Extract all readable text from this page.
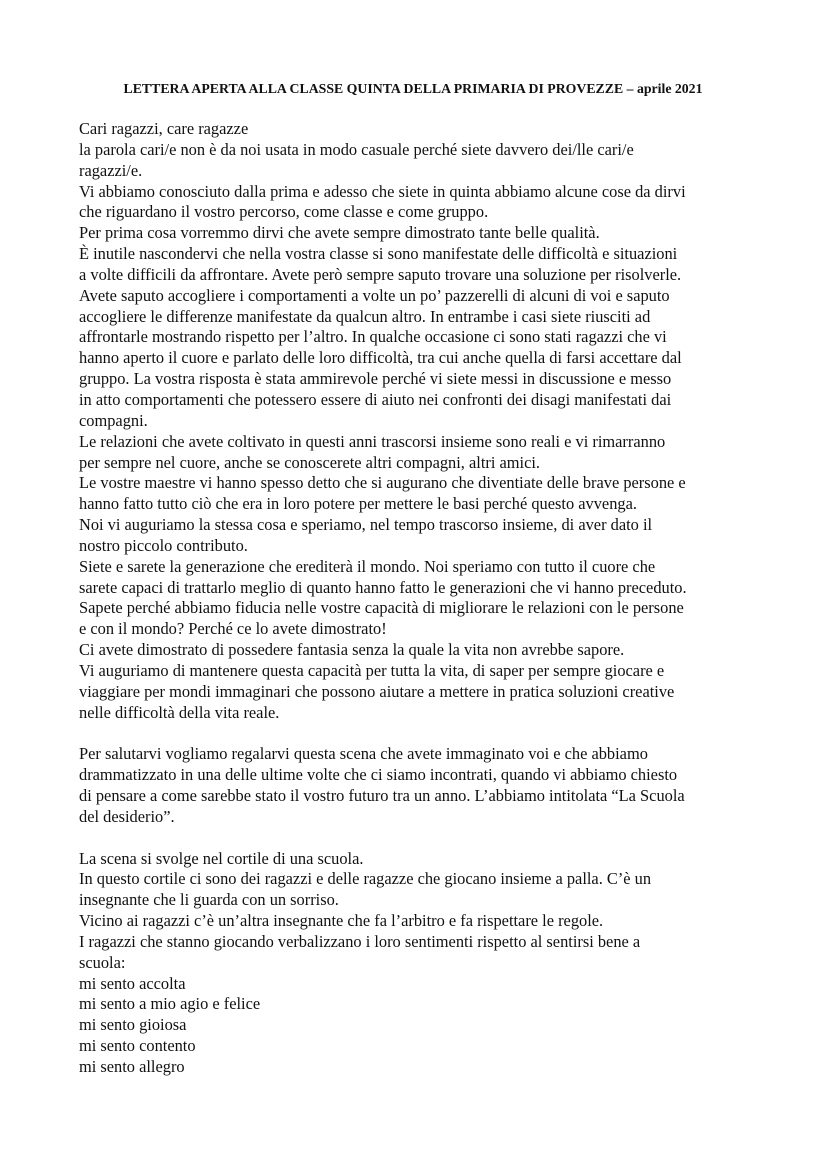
LETTERA APERTA ALLA CLASSE QUINTA DELLA PRIMARIA DI PROVEZZE – aprile 2021
Cari ragazzi, care ragazze
la parola cari/e non è da noi usata in modo casuale perché siete davvero dei/lle cari/e
ragazzi/e.
Vi abbiamo conosciuto dalla prima e adesso che siete in quinta abbiamo alcune cose da dirvi
che riguardano il vostro percorso, come classe e come gruppo.
Per prima cosa vorremmo dirvi che avete sempre dimostrato tante belle qualità.
È inutile nascondervi che nella vostra classe si sono manifestate delle difficoltà e situazioni
a volte difficili da affrontare. Avete però sempre saputo trovare una soluzione per risolverle.
Avete saputo accogliere i comportamenti a volte un po’ pazzerelli di alcuni di voi e saputo
accogliere le differenze manifestate da qualcun altro. In entrambe i casi siete riusciti ad
affrontarle mostrando rispetto per l’altro. In qualche occasione ci sono stati ragazzi che vi
hanno aperto il cuore e parlato delle loro difficoltà, tra cui anche quella di farsi accettare dal
gruppo. La vostra risposta è stata ammirevole perché vi siete messi in discussione e messo
in atto comportamenti che potessero essere di aiuto nei confronti dei disagi manifestati dai
compagni.
Le relazioni che avete coltivato in questi anni trascorsi insieme sono reali e vi rimarranno
per sempre nel cuore, anche se conoscerete altri compagni, altri amici.
Le vostre maestre vi hanno spesso detto che si augurano che diventiate delle brave persone e
hanno fatto tutto ciò che era in loro potere per mettere le basi perché questo avvenga.
Noi vi auguriamo la stessa cosa e speriamo, nel tempo trascorso insieme, di aver dato il
nostro piccolo contributo.
Siete e sarete la generazione che erediterà il mondo. Noi speriamo con tutto il cuore che
sarete capaci di trattarlo meglio di quanto hanno fatto le generazioni che vi hanno preceduto.
Sapete perché abbiamo fiducia nelle vostre capacità di migliorare le relazioni con le persone
e con il mondo? Perché ce lo avete dimostrato!
Ci avete dimostrato di possedere fantasia senza la quale la vita non avrebbe sapore.
Vi auguriamo di mantenere questa capacità per tutta la vita, di saper per sempre giocare e
viaggiare per mondi immaginari che possono aiutare a mettere in pratica soluzioni creative
nelle difficoltà della vita reale.
Per salutarvi vogliamo regalarvi questa scena che avete immaginato voi e che abbiamo
drammatizzato in una delle ultime volte che ci siamo incontrati, quando vi abbiamo chiesto
di pensare a come sarebbe stato il vostro futuro tra un anno. L’abbiamo intitolata “La Scuola
del desiderio”.
La scena si svolge nel cortile di una scuola.
In questo cortile ci sono dei ragazzi e delle ragazze che giocano insieme a palla. C’è un
insegnante che li guarda con un sorriso.
Vicino ai ragazzi c’è un’altra insegnante che fa l’arbitro e fa rispettare le regole.
I ragazzi che stanno giocando verbalizzano i loro sentimenti rispetto al sentirsi bene a
scuola:
mi sento accolta
mi sento a mio agio e felice
mi sento gioiosa
mi sento contento
mi sento allegro
